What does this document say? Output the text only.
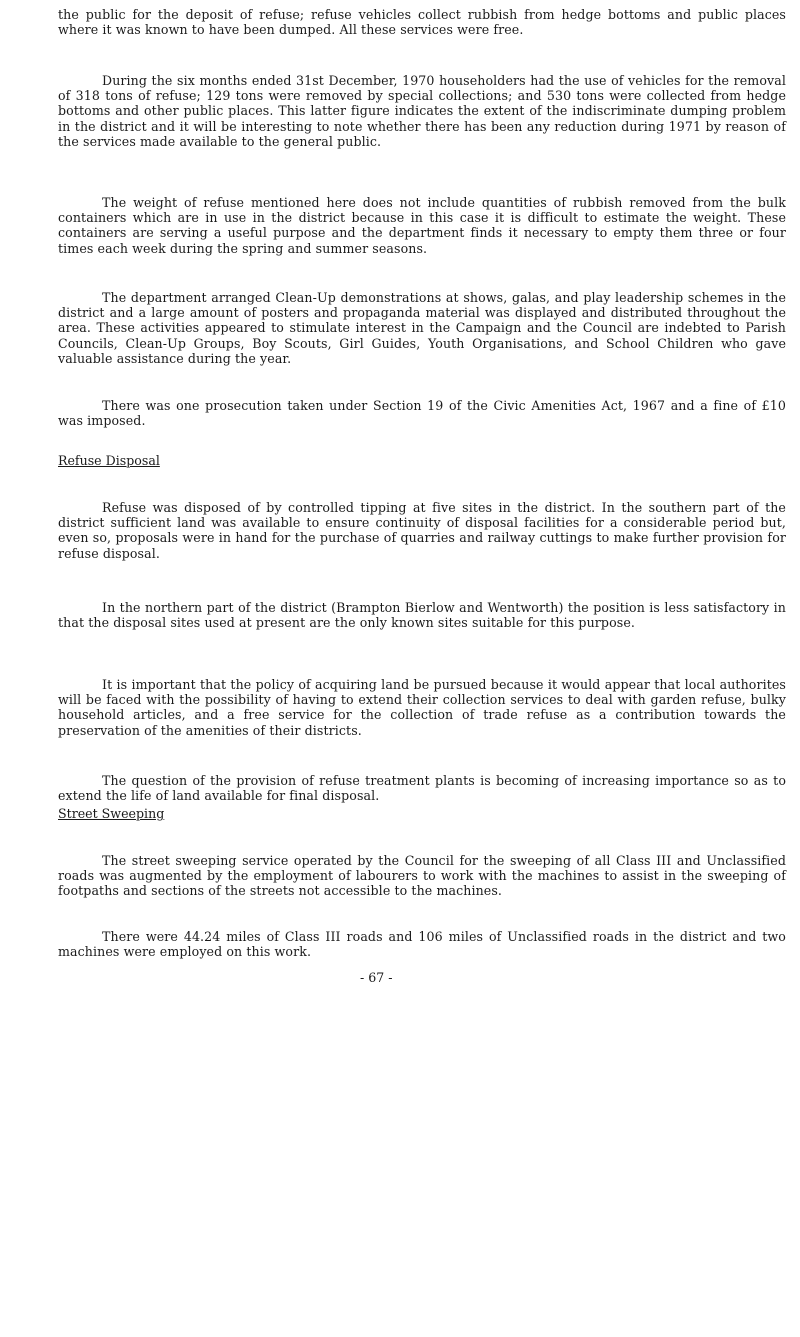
the public for the deposit of refuse; refuse vehicles collect rubbish from hedge bottoms and public places where it was known to have been dumped. All these services were free.

During the six months ended 31st December, 1970 householders had the use of vehicles for the removal of 318 tons of refuse; 129 tons were removed by special collections; and 530 tons were collected from hedge bottoms and other public places. This latter figure indicates the extent of the indiscriminate dumping problem in the district and it will be interesting to note whether there has been any reduction during 1971 by reason of the services made available to the general public.

The weight of refuse mentioned here does not include quantities of rubbish removed from the bulk containers which are in use in the district because in this case it is difficult to estimate the weight. These containers are serving a useful purpose and the department finds it necessary to empty them three or four times each week during the spring and summer seasons.

The department arranged Clean-Up demonstrations at shows, galas, and play leadership schemes in the district and a large amount of posters and propaganda material was displayed and distributed throughout the area. These activities appeared to stimulate interest in the Campaign and the Council are indebted to Parish Councils, Clean-Up Groups, Boy Scouts, Girl Guides, Youth Organisations, and School Children who gave valuable assistance during the year.

There was one prosecution taken under Section 19 of the Civic Amenities Act, 1967 and a fine of £10 was imposed.

Refuse Disposal

Refuse was disposed of by controlled tipping at five sites in the district. In the southern part of the district sufficient land was available to ensure continuity of disposal facilities for a considerable period but, even so, proposals were in hand for the purchase of quarries and railway cuttings to make further provision for refuse disposal.

In the northern part of the district (Brampton Bierlow and Wentworth) the position is less satisfactory in that the disposal sites used at present are the only known sites suitable for this purpose.

It is important that the policy of acquiring land be pursued because it would appear that local authorites will be faced with the possibility of having to extend their collection services to deal with garden refuse, bulky household articles, and a free service for the collection of trade refuse as a contribution towards the preservation of the amenities of their districts.

The question of the provision of refuse treatment plants is becoming of increasing importance so as to extend the life of land available for final disposal.

Street Sweeping

The street sweeping service operated by the Council for the sweeping of all Class III and Unclassified roads was augmented by the employment of labourers to work with the machines to assist in the sweeping of footpaths and sections of the streets not accessible to the machines.

There were 44.24 miles of Class III roads and 106 miles of Unclassified roads in the district and two machines were employed on this work.

- 67 -
